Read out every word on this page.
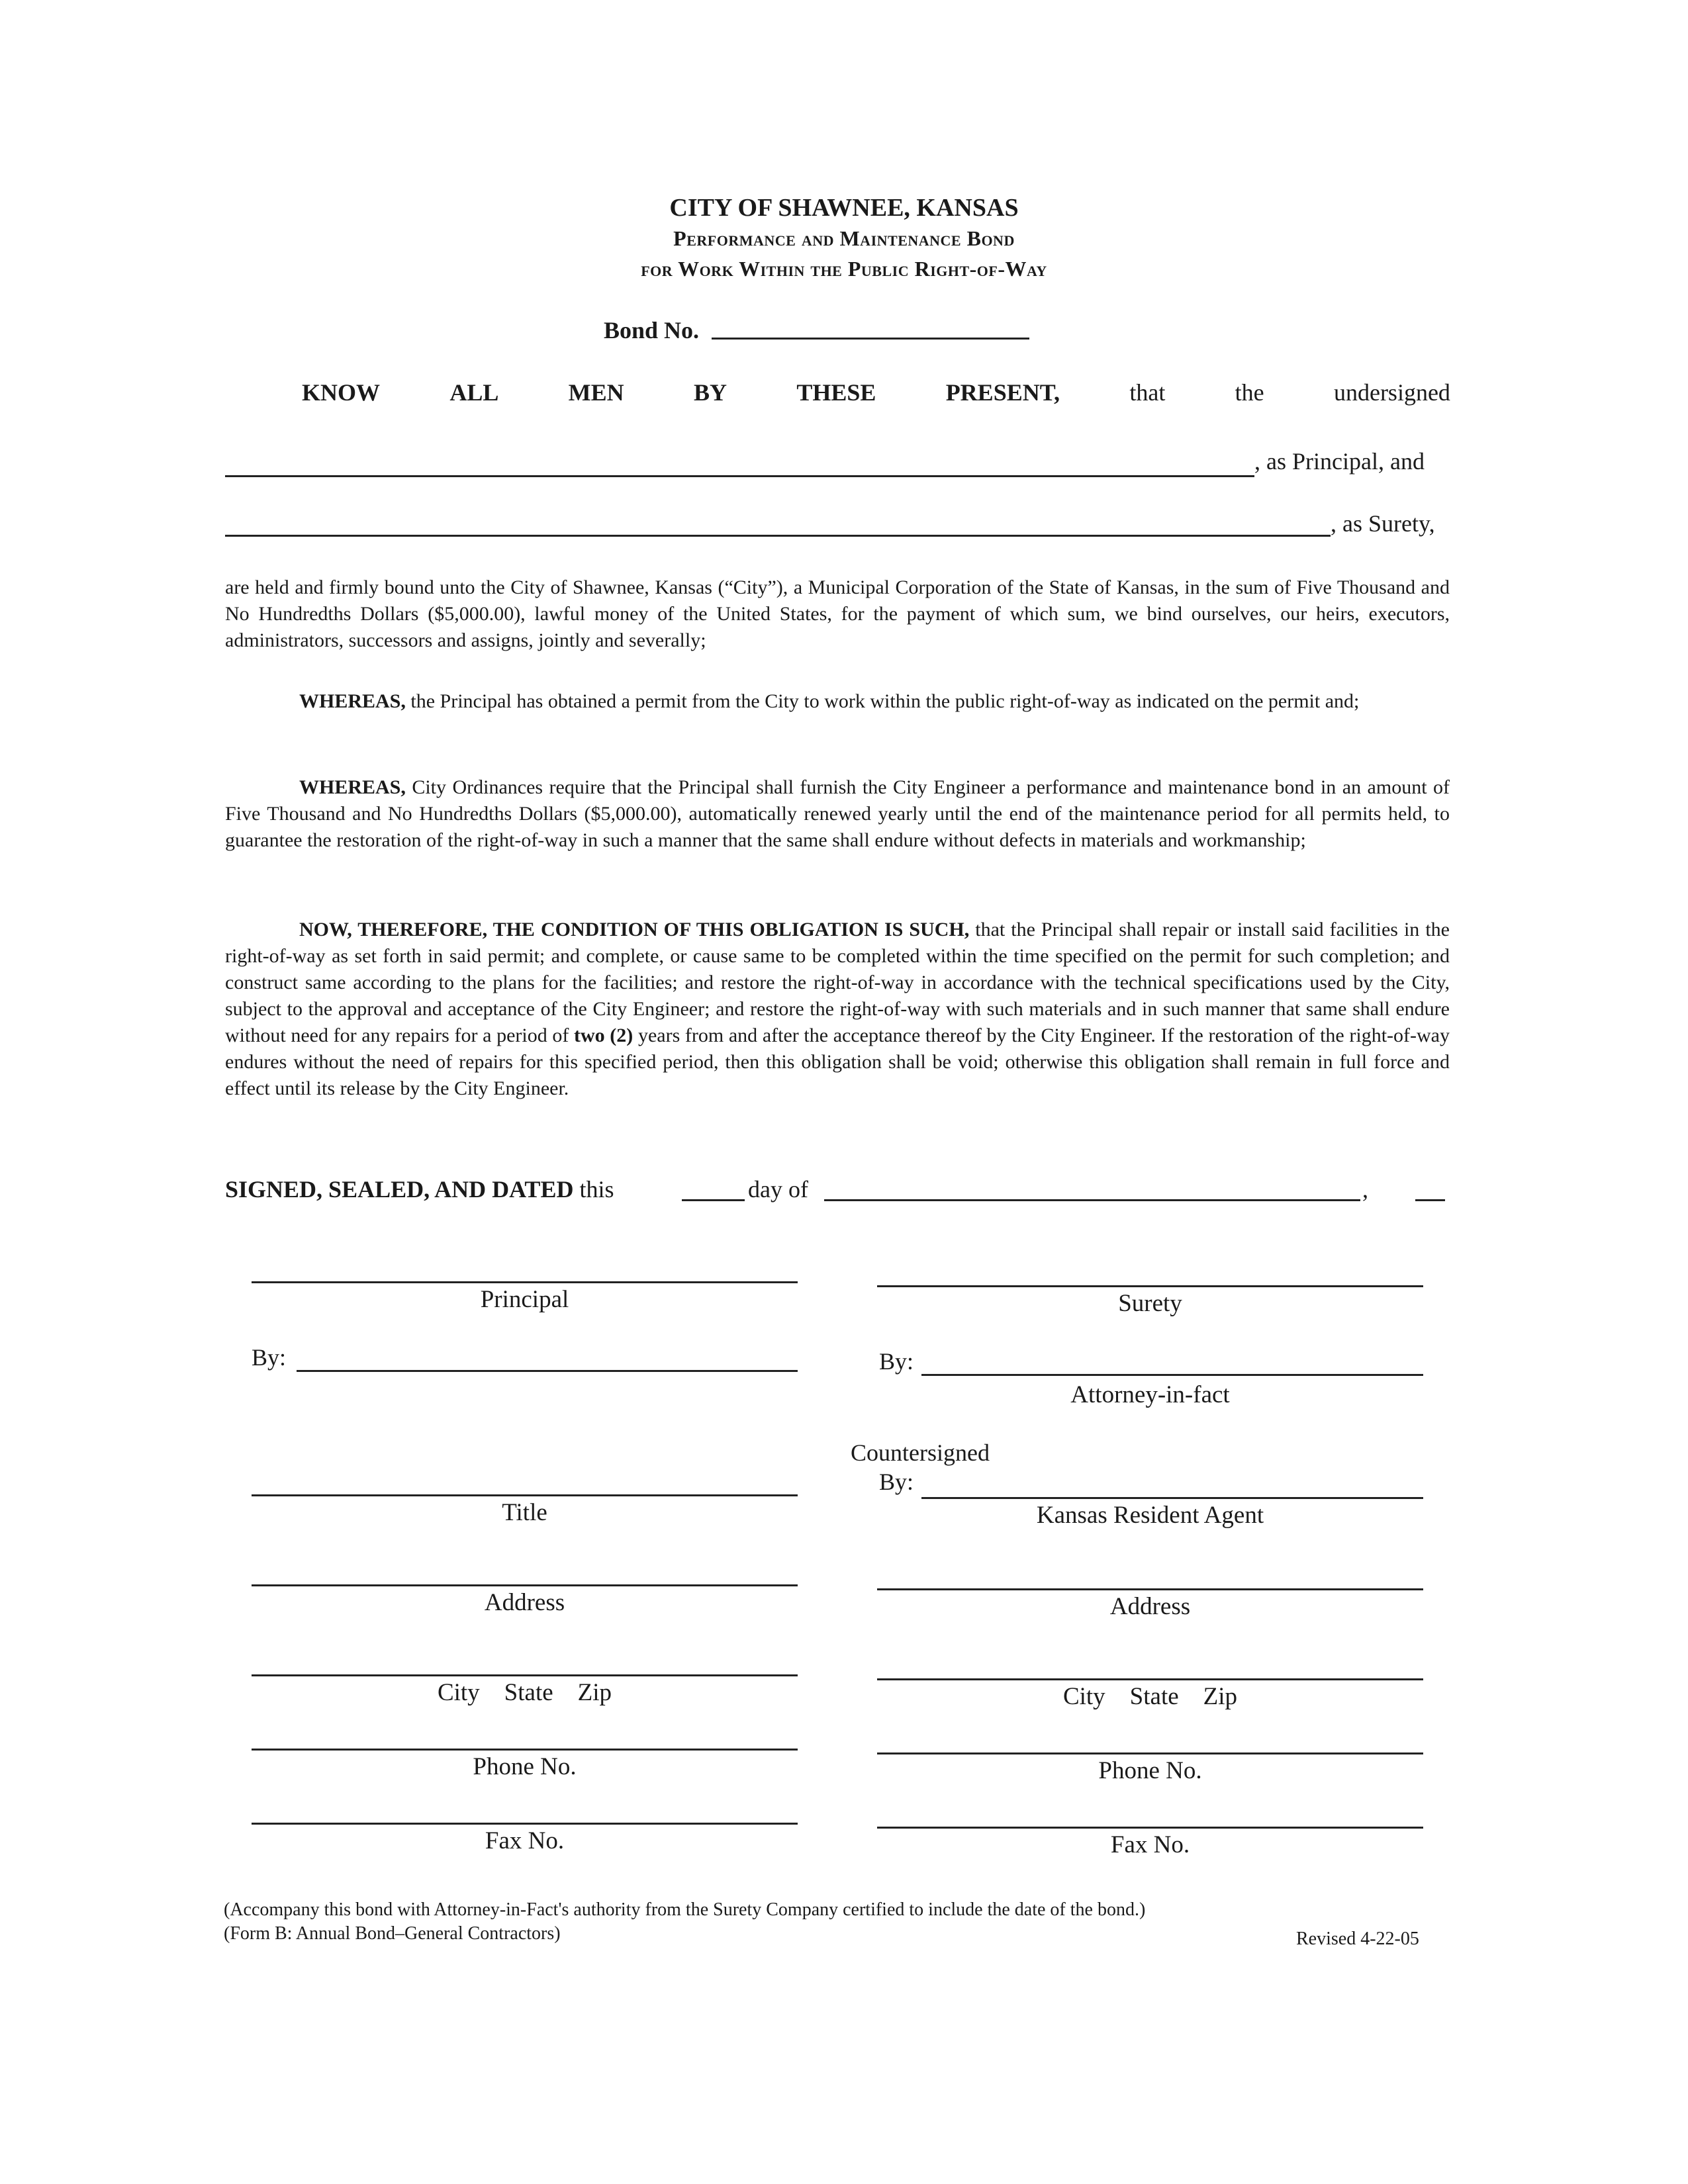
CITY OF SHAWNEE, KANSAS
Performance and Maintenance Bond
for Work Within the Public Right-of-Way
Bond No.
KNOW	ALL	MEN	BY	THESE	PRESENT,	that	the	undersigned
, as Principal, and
, as Surety,
are held and firmly bound unto the City of Shawnee, Kansas (“City”), a Municipal Corporation of the State of Kansas, in the sum of Five Thousand and No Hundredths Dollars ($5,000.00), lawful money of the United States, for the payment of which sum, we bind ourselves, our heirs, executors, administrators, successors and assigns, jointly and severally;
WHEREAS, the Principal has obtained a permit from the City to work within the public right-of-way as indicated on the permit and;
WHEREAS, City Ordinances require that the Principal shall furnish the City Engineer a performance and maintenance bond in an amount of Five Thousand and No Hundredths Dollars ($5,000.00), automatically renewed yearly until the end of the maintenance period for all permits held, to guarantee the restoration of the right-of-way in such a manner that the same shall endure without defects in materials and workmanship;
NOW, THEREFORE, THE CONDITION OF THIS OBLIGATION IS SUCH, that the Principal shall repair or install said facilities in the right-of-way as set forth in said permit; and complete, or cause same to be completed within the time specified on the permit for such completion; and construct same according to the plans for the facilities; and restore the right-of-way in accordance with the technical specifications used by the City, subject to the approval and acceptance of the City Engineer; and restore the right-of-way with such materials and in such manner that same shall endure without need for any repairs for a period of two (2) years from and after the acceptance thereof by the City Engineer. If the restoration of the right-of-way endures without the need of repairs for this specified period, then this obligation shall be void; otherwise this obligation shall remain in full force and effect until its release by the City Engineer.
SIGNED, SEALED, AND DATED this	day of	,
Principal
By:
Title
Address
City    State    Zip
Phone No.
Fax No.
Surety
By:
Attorney-in-fact
Countersigned
By:
Kansas Resident Agent
Address
City    State    Zip
Phone No.
Fax No.
(Accompany this bond with Attorney-in-Fact's authority from the Surety Company certified to include the date of the bond.)
(Form B: Annual Bond–General Contractors)	Revised 4-22-05
